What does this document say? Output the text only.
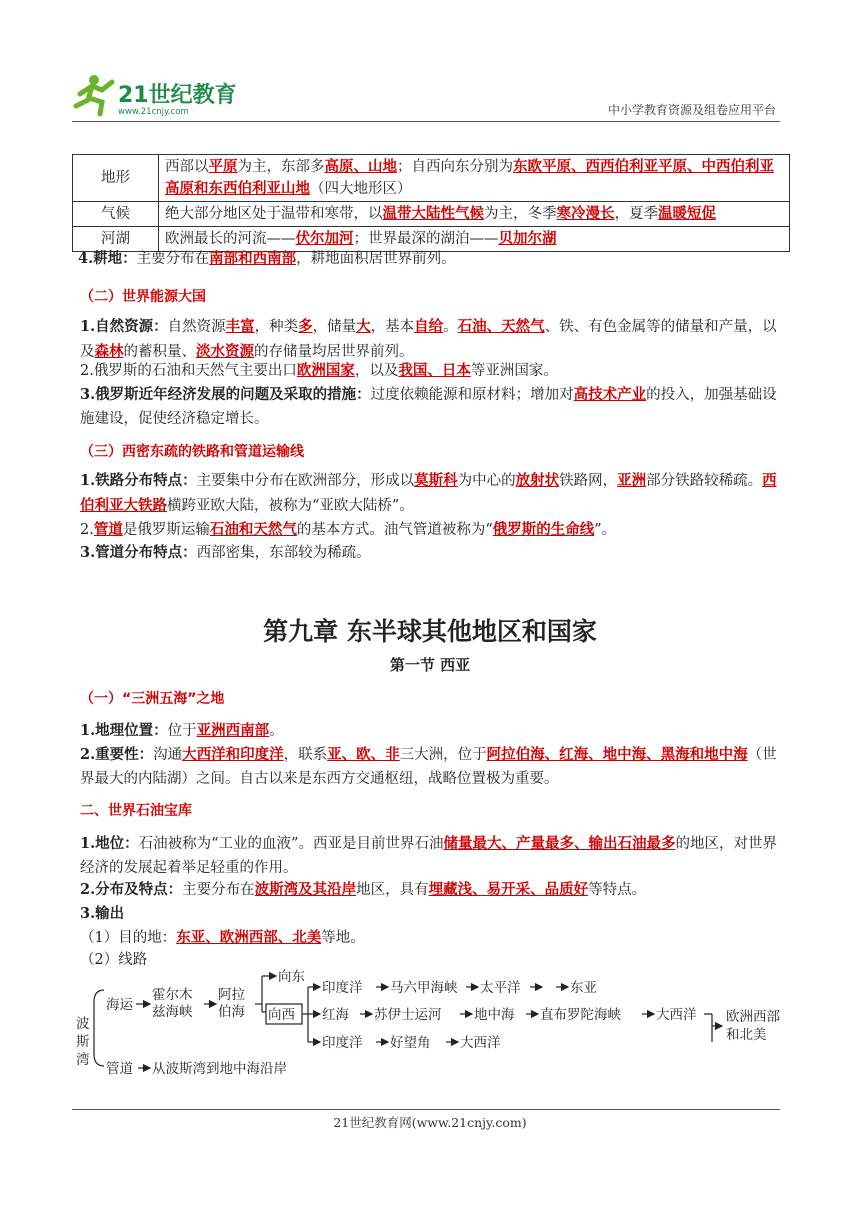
21世纪教育
www.21cnjy.com	中小学教育资源及组卷应用平台
地形	西部以平原为主，东部多高原、山地；自西向东分别为东欧平原、西西伯利亚平原、中西伯利亚高原和东西伯利亚山地（四大地形区）
气候	绝大部分地区处于温带和寒带，以温带大陆性气候为主，冬季寒冷漫长，夏季温暖短促
河湖	欧洲最长的河流——伏尔加河；世界最深的湖泊——贝加尔湖
4.耕地：主要分布在南部和西南部，耕地面积居世界前列。
（二）世界能源大国
1.自然资源：自然资源丰富，种类多，储量大，基本自给。石油、天然气、铁、有色金属等的储量和产量，以及森林的蓄积量、淡水资源的存储量均居世界前列。
2.俄罗斯的石油和天然气主要出口欧洲国家，以及我国、日本等亚洲国家。
3.俄罗斯近年经济发展的问题及采取的措施：过度依赖能源和原材料；增加对高技术产业的投入，加强基础设施建设，促使经济稳定增长。
（三）西密东疏的铁路和管道运输线
1.铁路分布特点：主要集中分布在欧洲部分，形成以莫斯科为中心的放射状铁路网，亚洲部分铁路较稀疏。西伯利亚大铁路横跨亚欧大陆，被称为“亚欧大陆桥”。
2.管道是俄罗斯运输石油和天然气的基本方式。油气管道被称为“俄罗斯的生命线”。
3.管道分布特点：西部密集，东部较为稀疏。
第九章 东半球其他地区和国家
第一节 西亚
（一）“三洲五海”之地
1.地理位置：位于亚洲西南部。
2.重要性：沟通大西洋和印度洋，联系亚、欧、非三大洲，位于阿拉伯海、红海、地中海、黑海和地中海（世界最大的内陆湖）之间。自古以来是东西方交通枢纽，战略位置极为重要。
二、世界石油宝库
1.地位：石油被称为“工业的血液”。西亚是目前世界石油储量最大、产量最多、输出石油最多的地区，对世界经济的发展起着举足轻重的作用。
2.分布及特点：主要分布在波斯湾及其沿岸地区，具有埋藏浅、易开采、品质好等特点。
3.输出
（1）目的地：东亚、欧洲西部、北美等地。
（2）线路
波
斯
湾
海运
霍尔木
兹海峡
阿拉
伯海
向东
向西
印度洋 马六甲海峡 太平洋	东亚
红海 苏伊士运河 地中海 直布罗陀海峡	大西洋
印度洋 好望角 大西洋
欧洲西部
和北美
管道 从波斯湾到地中海沿岸
21世纪教育网(www.21cnjy.com)
